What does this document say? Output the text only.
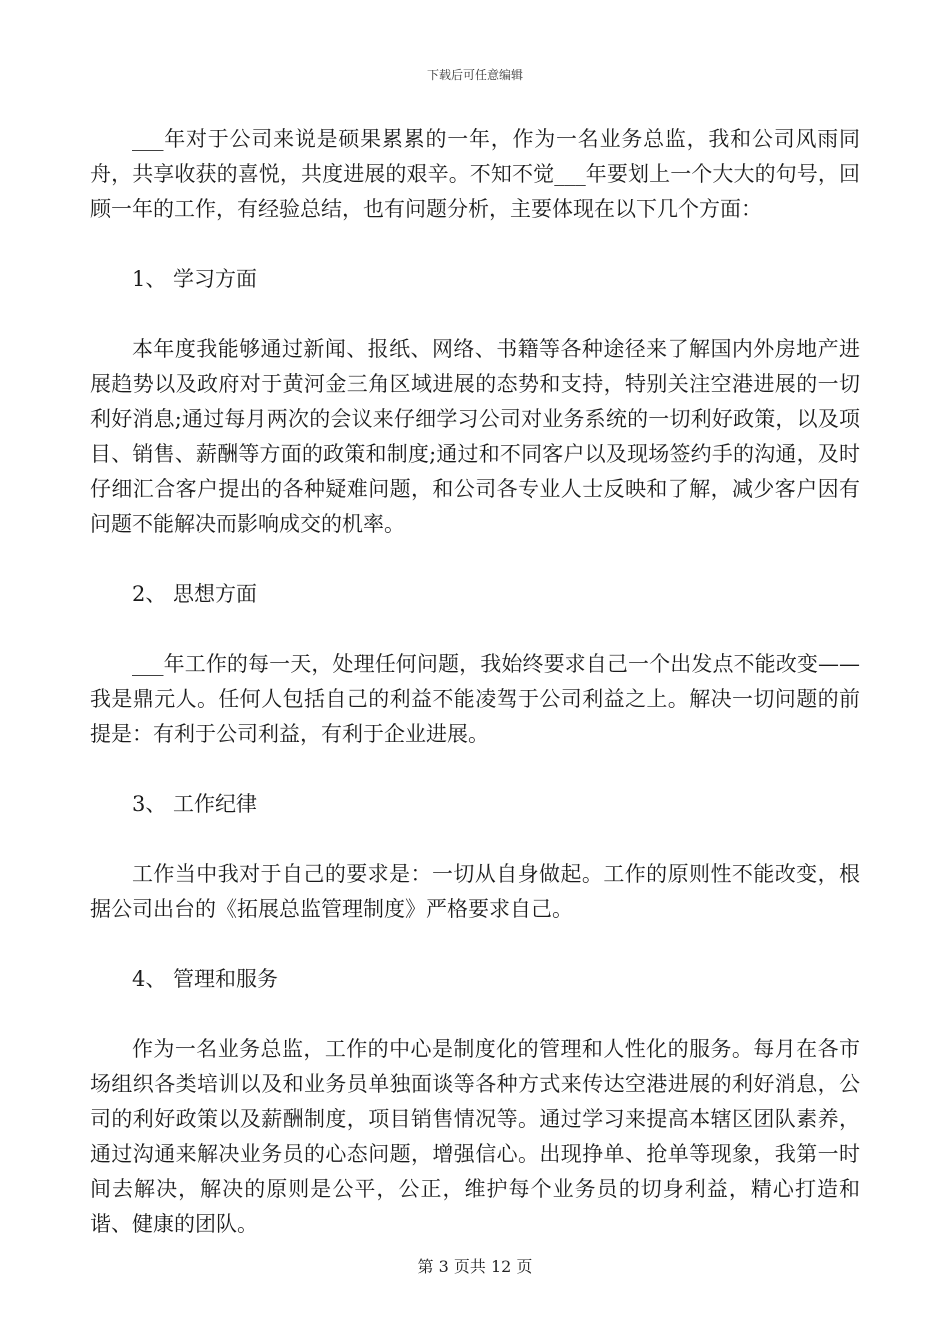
下载后可任意编辑

___年对于公司来说是硕果累累的一年，作为一名业务总监，我和公司风雨同舟，共享收获的喜悦，共度进展的艰辛。不知不觉___年要划上一个大大的句号，回顾一年的工作，有经验总结，也有问题分析，主要体现在以下几个方面：

1、 学习方面

本年度我能够通过新闻、报纸、网络、书籍等各种途径来了解国内外房地产进展趋势以及政府对于黄河金三角区域进展的态势和支持，特别关注空港进展的一切利好消息;通过每月两次的会议来仔细学习公司对业务系统的一切利好政策，以及项目、销售、薪酬等方面的政策和制度;通过和不同客户以及现场签约手的沟通，及时仔细汇合客户提出的各种疑难问题，和公司各专业人士反映和了解，减少客户因有问题不能解决而影响成交的机率。

2、 思想方面

___年工作的每一天，处理任何问题，我始终要求自己一个出发点不能改变——我是鼎元人。任何人包括自己的利益不能凌驾于公司利益之上。解决一切问题的前提是：有利于公司利益，有利于企业进展。

3、 工作纪律

工作当中我对于自己的要求是：一切从自身做起。工作的原则性不能改变，根据公司出台的《拓展总监管理制度》严格要求自己。

4、 管理和服务

作为一名业务总监，工作的中心是制度化的管理和人性化的服务。每月在各市场组织各类培训以及和业务员单独面谈等各种方式来传达空港进展的利好消息，公司的利好政策以及薪酬制度，项目销售情况等。通过学习来提高本辖区团队素养，通过沟通来解决业务员的心态问题，增强信心。出现挣单、抢单等现象，我第一时间去解决，解决的原则是公平，公正，维护每个业务员的切身利益，精心打造和谐、健康的团队。

第 3 页共 12 页
